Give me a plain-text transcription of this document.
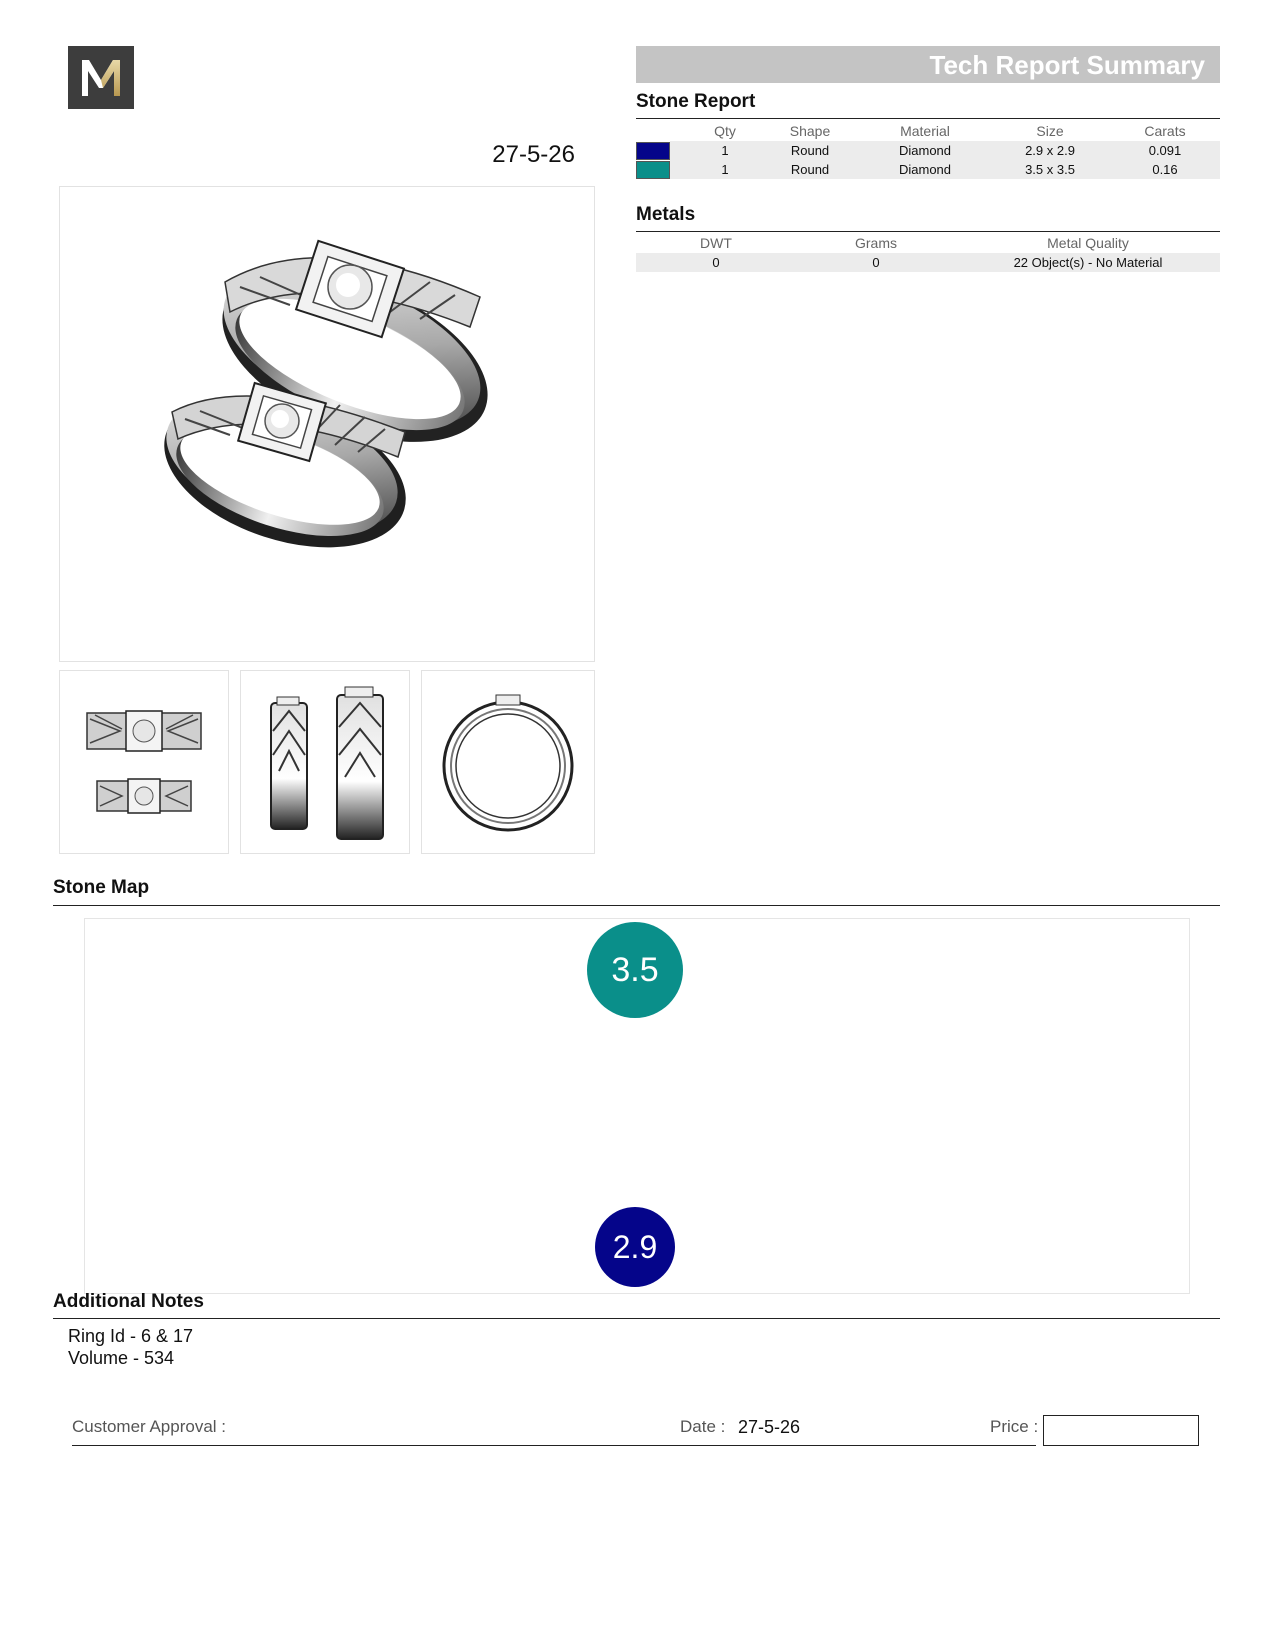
27-5-26
Tech Report Summary
Stone Report
		Qty	Shape	Material	Size	Carats
		1	Round	Diamond	2.9 x 2.9	0.091
		1	Round	Diamond	3.5 x 3.5	0.16
Metals
DWT	Grams	Metal Quality
0	0	22 Object(s) - No Material
Stone Map
3.5
2.9
Additional Notes
Ring Id - 6 & 17
Volume - 534
Customer Approval :	Date : 27-5-26	Price :
